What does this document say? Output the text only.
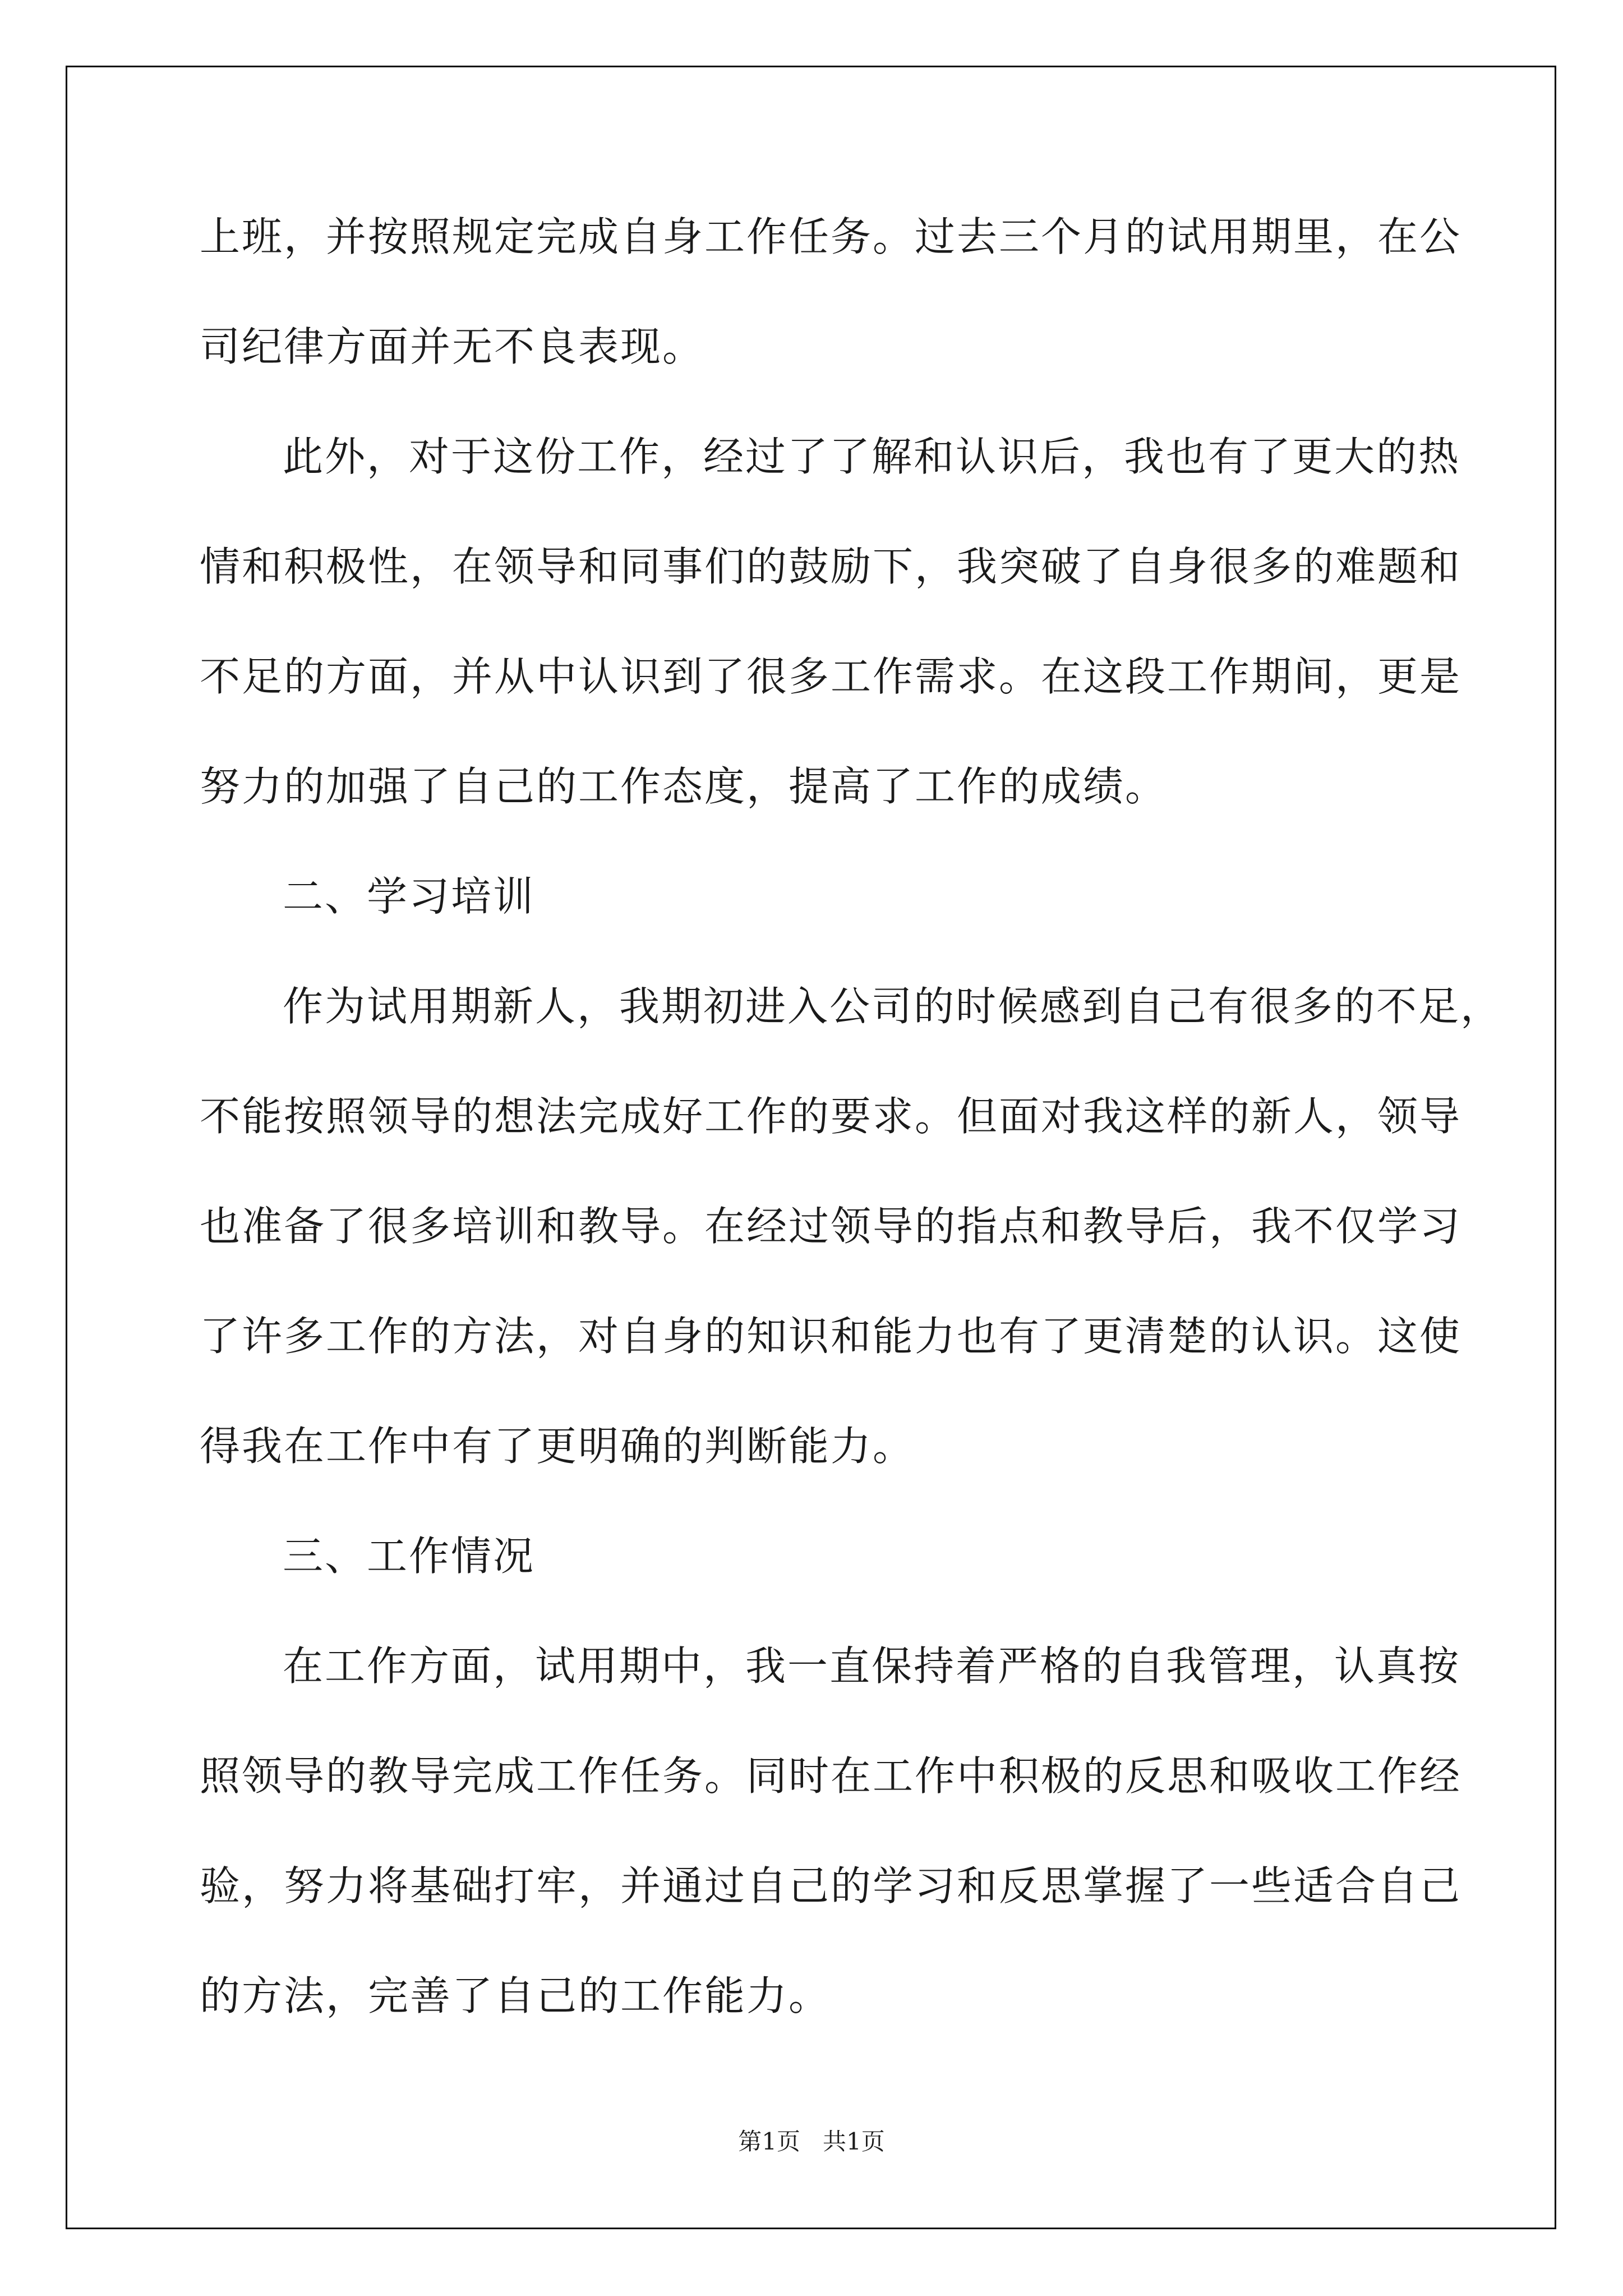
上班，并按照规定完成自身工作任务。过去三个月的试用期里，在公
司纪律方面并无不良表现。
此外，对于这份工作，经过了了解和认识后，我也有了更大的热
情和积极性，在领导和同事们的鼓励下，我突破了自身很多的难题和
不足的方面，并从中认识到了很多工作需求。在这段工作期间，更是
努力的加强了自己的工作态度，提高了工作的成绩。
二、学习培训
作为试用期新人，我期初进入公司的时候感到自己有很多的不足，
不能按照领导的想法完成好工作的要求。但面对我这样的新人，领导
也准备了很多培训和教导。在经过领导的指点和教导后，我不仅学习
了许多工作的方法，对自身的知识和能力也有了更清楚的认识。这使
得我在工作中有了更明确的判断能力。
三、工作情况
在工作方面，试用期中，我一直保持着严格的自我管理，认真按
照领导的教导完成工作任务。同时在工作中积极的反思和吸收工作经
验，努力将基础打牢，并通过自己的学习和反思掌握了一些适合自己
的方法，完善了自己的工作能力。
第1页 共1页
